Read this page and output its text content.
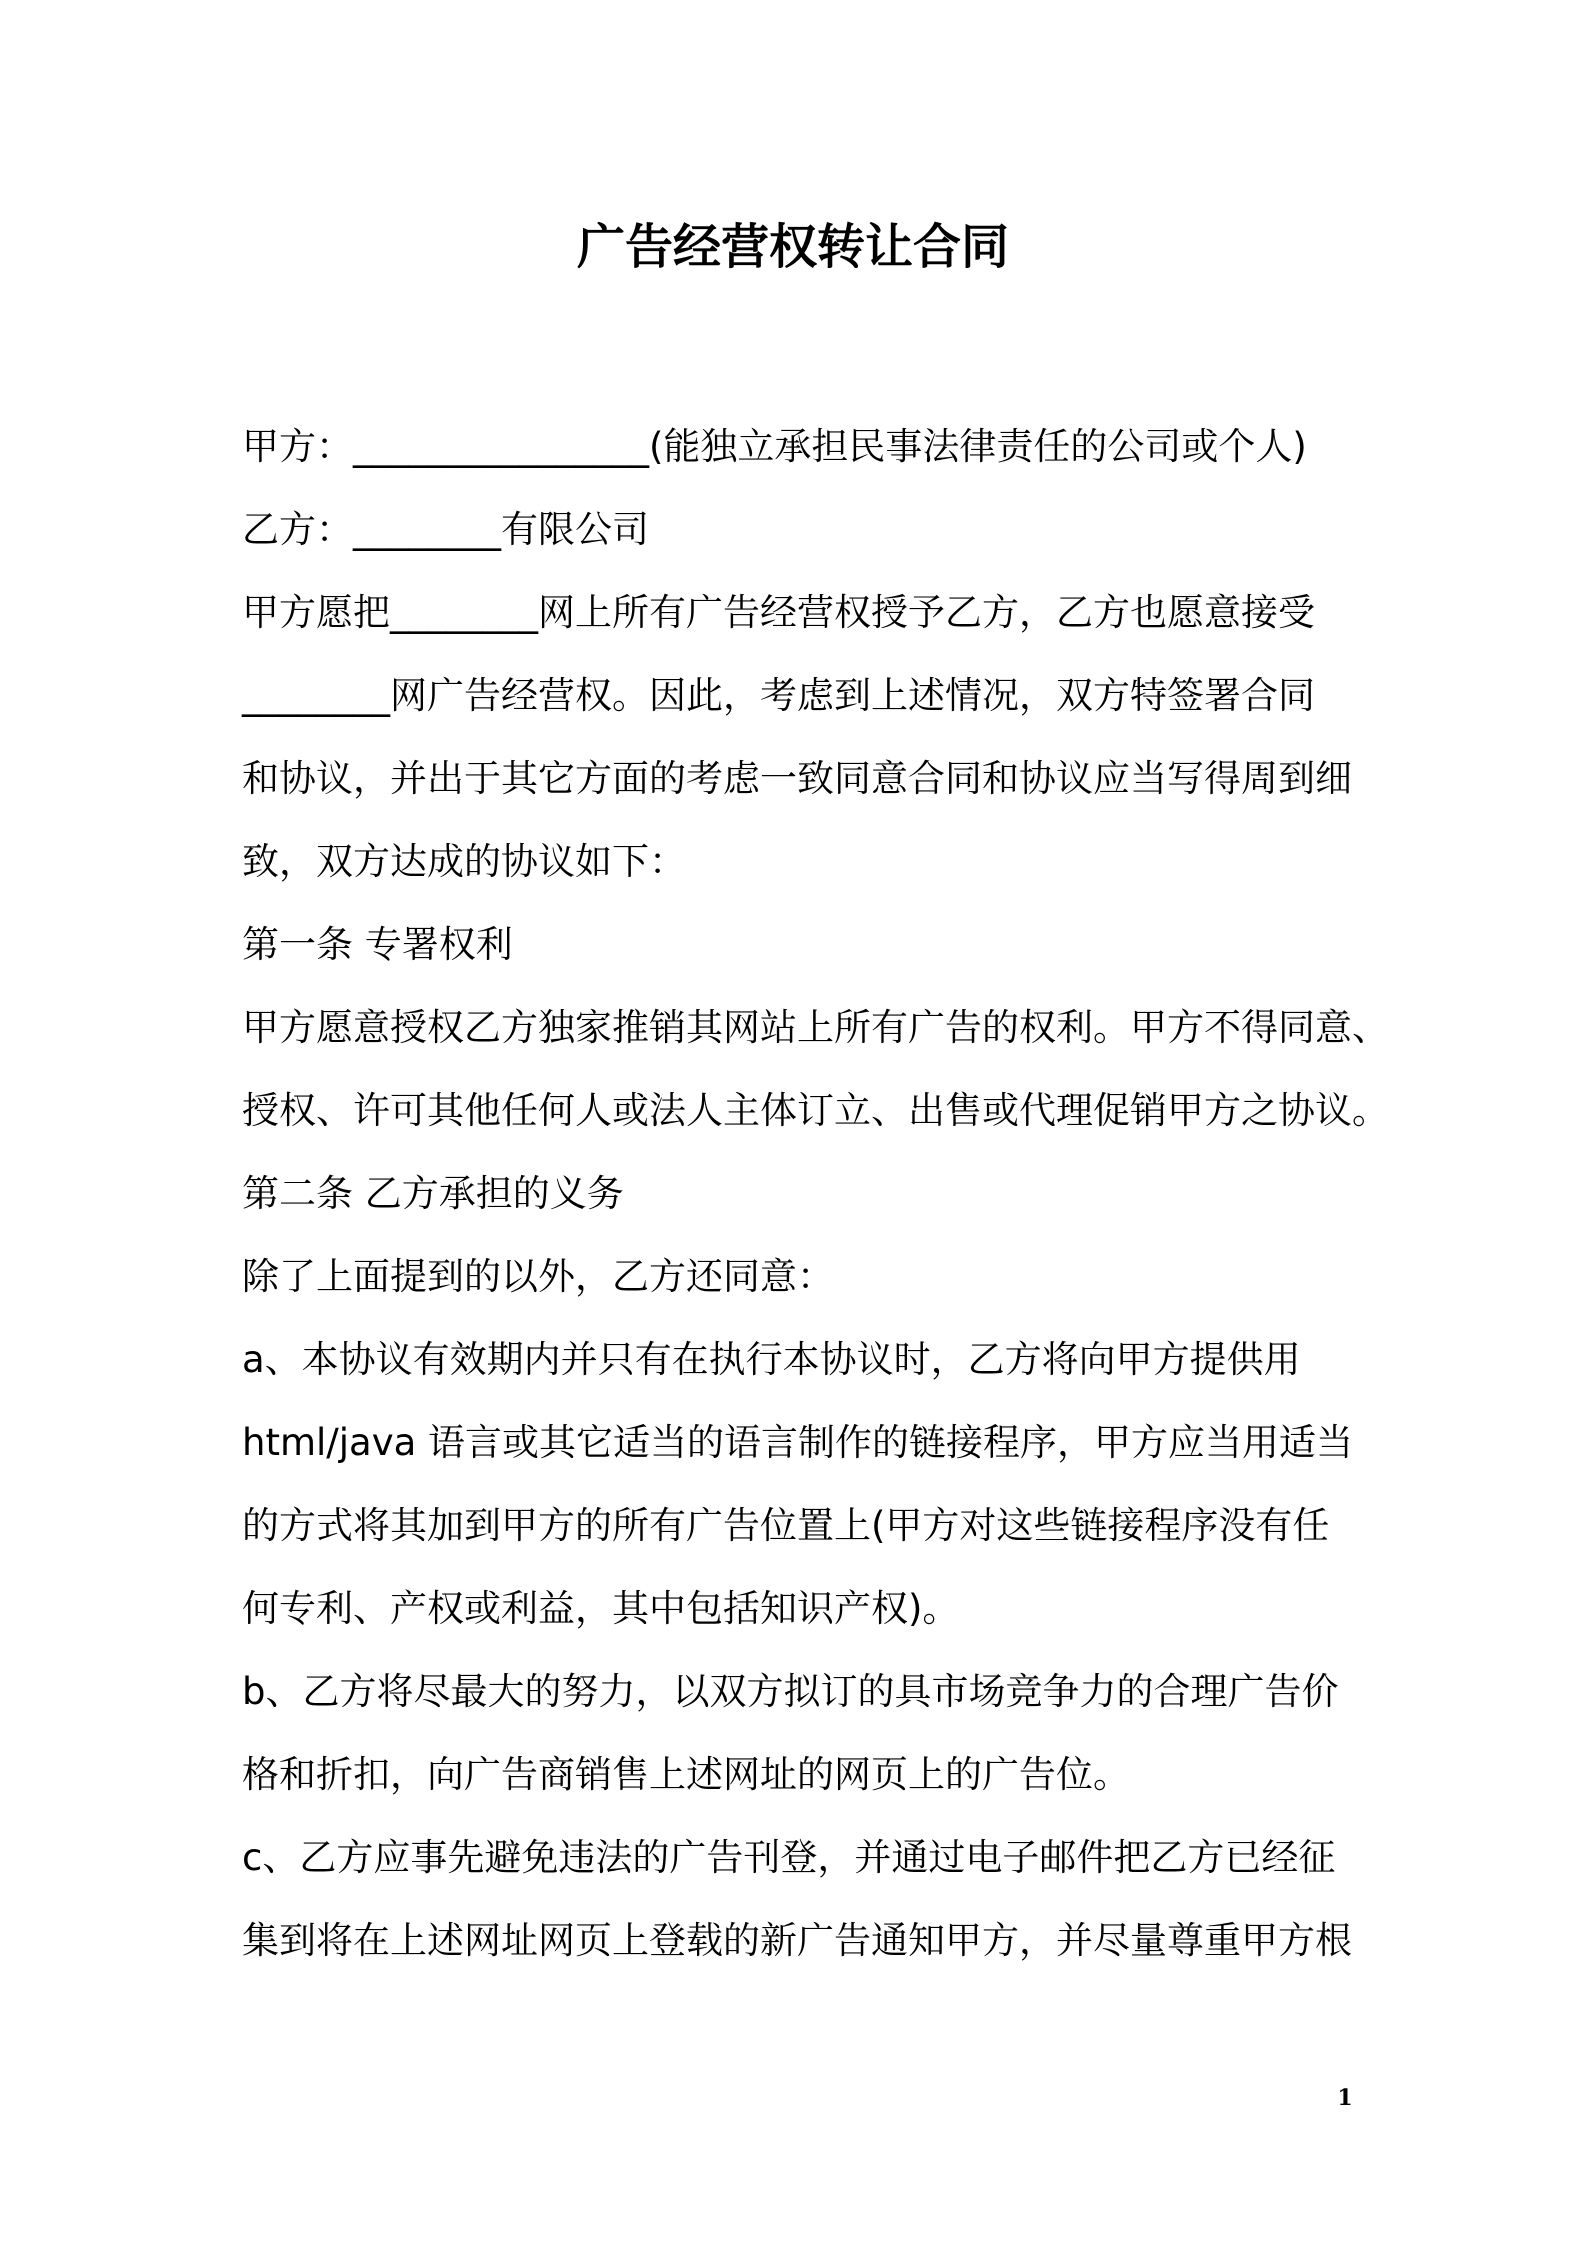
广告经营权转让合同
甲方：________________(能独立承担民事法律责任的公司或个人)
乙方：________有限公司
甲方愿把________网上所有广告经营权授予乙方，乙方也愿意接受
________网广告经营权。因此，考虑到上述情况，双方特签署合同
和协议，并出于其它方面的考虑一致同意合同和协议应当写得周到细
致，双方达成的协议如下：
第一条 专署权利
甲方愿意授权乙方独家推销其网站上所有广告的权利。甲方不得同意、
授权、许可其他任何人或法人主体订立、出售或代理促销甲方之协议。
第二条 乙方承担的义务
除了上面提到的以外，乙方还同意：
a、本协议有效期内并只有在执行本协议时，乙方将向甲方提供用
html/java 语言或其它适当的语言制作的链接程序，甲方应当用适当
的方式将其加到甲方的所有广告位置上(甲方对这些链接程序没有任
何专利、产权或利益，其中包括知识产权)。
b、乙方将尽最大的努力，以双方拟订的具市场竞争力的合理广告价
格和折扣，向广告商销售上述网址的网页上的广告位。
c、乙方应事先避免违法的广告刊登，并通过电子邮件把乙方已经征
集到将在上述网址网页上登载的新广告通知甲方，并尽量尊重甲方根
1
